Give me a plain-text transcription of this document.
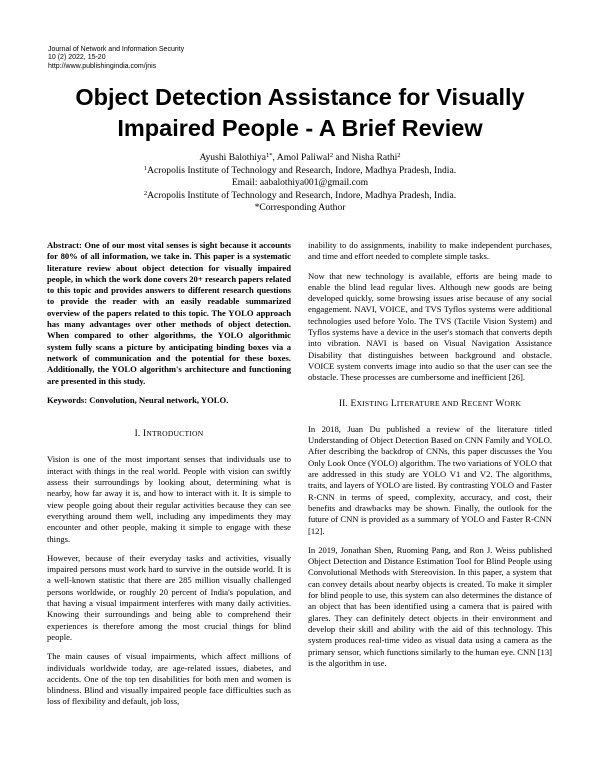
Journal of Network and Information Security
10 (2) 2022, 15-20
http://www.publishingindia.com/jnis
Object Detection Assistance for Visually
Impaired People - A Brief Review
Ayushi Balothiya$^{1*}$, Amol Paliwal$^2$ and Nisha Rathi$^2$
$^1$Acropolis Institute of Technology and Research, Indore, Madhya Pradesh, India.
Email: aabalothiya001@gmail.com
$^2$Acropolis Institute of Technology and Research, Indore, Madhya Pradesh, India.
*Corresponding Author

Abstract: One of our most vital senses is sight because it accounts for 80% of all information, we take in. This paper is a systematic literature review about object detection for visually impaired people, in which the work done covers 20+ research papers related to this topic and provides answers to different research questions to provide the reader with an easily readable summarized overview of the papers related to this topic. The YOLO approach has many advantages over other methods of object detection. When compared to other algorithms, the YOLO algorithmic system fully scans a picture by anticipating binding boxes via a network of communication and the potential for these boxes. Additionally, the YOLO algorithm's architecture and functioning are presented in this study.

Keywords: Convolution, Neural network, YOLO.

I. INTRODUCTION

Vision is one of the most important senses that individuals use to interact with things in the real world. People with vision can swiftly assess their surroundings by looking about, determining what is nearby, how far away it is, and how to interact with it. It is simple to view people going about their regular activities because they can see everything around them well, including any impediments they may encounter and other people, making it simple to engage with these things.

However, because of their everyday tasks and activities, visually impaired persons must work hard to survive in the outside world. It is a well-known statistic that there are 285 million visually challenged persons worldwide, or roughly 20 percent of India's population, and that having a visual impairment interferes with many daily activities. Knowing their surroundings and being able to comprehend their experiences is therefore among the most crucial things for blind people.

The main causes of visual impairments, which affect millions of individuals worldwide today, are age-related issues, diabetes, and accidents. One of the top ten disabilities for both men and women is blindness. Blind and visually impaired people face difficulties such as loss of flexibility and default, job loss,

inability to do assignments, inability to make independent purchases, and time and effort needed to complete simple tasks.

Now that new technology is available, efforts are being made to enable the blind lead regular lives. Although new goods are being developed quickly, some browsing issues arise because of any social engagement. NAVI, VOICE, and TVS Tyflos systems were additional technologies used before Yolo. The TVS (Tactile Vision System) and Tyflos systems have a device in the user's stomach that converts depth into vibration. NAVI is based on Visual Navigation Assistance Disability that distinguishes between background and obstacle. VOICE system converts image into audio so that the user can see the obstacle. These processes are cumbersome and inefficient [26].

II. EXISTING LITERATURE AND RECENT WORK

In 2018, Juan Du published a review of the literature titled Understanding of Object Detection Based on CNN Family and YOLO. After describing the backdrop of CNNs, this paper discusses the You Only Look Once (YOLO) algorithm. The two variations of YOLO that are addressed in this study are YOLO V1 and V2. The algorithms, traits, and layers of YOLO are listed. By contrasting YOLO and Faster R-CNN in terms of speed, complexity, accuracy, and cost, their benefits and drawbacks may be shown. Finally, the outlook for the future of CNN is provided as a summary of YOLO and Faster R-CNN [12].

In 2019, Jonathan Shen, Ruoming Pang, and Ron J. Weiss published Object Detection and Distance Estimation Tool for Blind People using Convolutional Methods with Stereovision. In this paper, a system that can convey details about nearby objects is created. To make it simpler for blind people to use, this system can also determines the distance of an object that has been identified using a camera that is paired with glares. They can definitely detect objects in their environment and develop their skill and ability with the aid of this technology. This system produces real-time video as visual data using a camera as the primary sensor, which functions similarly to the human eye. CNN [13] is the algorithm in use.
